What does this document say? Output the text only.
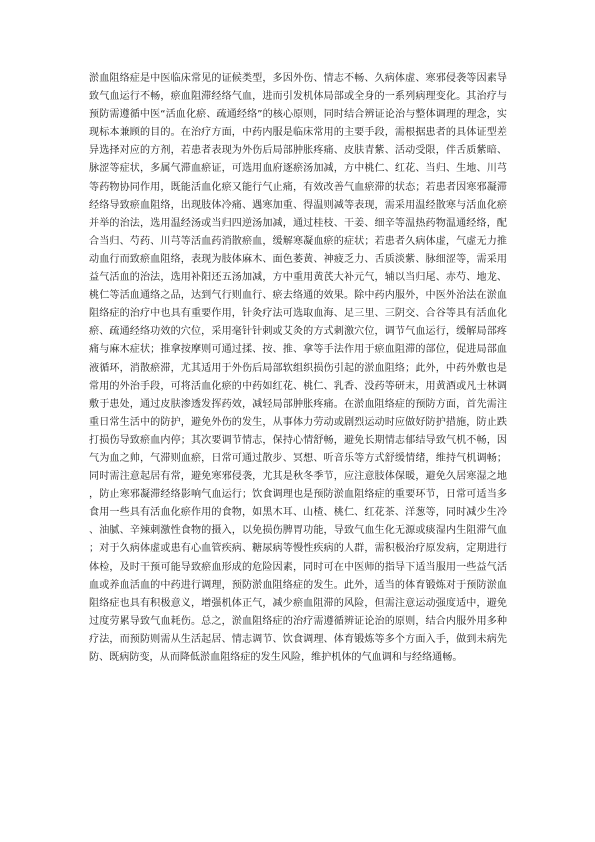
淤血阻络症是中医临床常见的证候类型，多因外伤、情志不畅、久病体虚、寒邪侵袭等因素导致气血运行不畅，瘀血阻滞经络气血，进而引发机体局部或全身的一系列病理变化。其治疗与预防需遵循中医“活血化瘀、疏通经络”的核心原则，同时结合辨证论治与整体调理的理念，实现标本兼顾的目的。在治疗方面，中药内服是临床常用的主要手段，需根据患者的具体证型差异选择对应的方剂，若患者表现为外伤后局部肿胀疼痛、皮肤青紫、活动受限，伴舌质紫暗、脉涩等症状，多属气滞血瘀证，可选用血府逐瘀汤加减，方中桃仁、红花、当归、生地、川芎等药物协同作用，既能活血化瘀又能行气止痛，有效改善气血瘀滞的状态；若患者因寒邪凝滞经络导致瘀血阻络，出现肢体冷痛、遇寒加重、得温则减等表现，需采用温经散寒与活血化瘀并举的治法，选用温经汤或当归四逆汤加减，通过桂枝、干姜、细辛等温热药物温通经络，配合当归、芍药、川芎等活血药消散瘀血，缓解寒凝血瘀的症状；若患者久病体虚，气虚无力推动血行而致瘀血阻络，表现为肢体麻木、面色萎黄、神疲乏力、舌质淡紫、脉细涩等，需采用益气活血的治法，选用补阳还五汤加减，方中重用黄芪大补元气，辅以当归尾、赤芍、地龙、桃仁等活血通络之品，达到气行则血行、瘀去络通的效果。除中药内服外，中医外治法在淤血阻络症的治疗中也具有重要作用，针灸疗法可选取血海、足三里、三阴交、合谷等具有活血化瘀、疏通经络功效的穴位，采用毫针针刺或艾灸的方式刺激穴位，调节气血运行，缓解局部疼痛与麻木症状；推拿按摩则可通过揉、按、推、拿等手法作用于瘀血阻滞的部位，促进局部血液循环，消散瘀滞，尤其适用于外伤后局部软组织损伤引起的淤血阻络；此外，中药外敷也是常用的外治手段，可将活血化瘀的中药如红花、桃仁、乳香、没药等研末，用黄酒或凡士林调敷于患处，通过皮肤渗透发挥药效，减轻局部肿胀疼痛。在淤血阻络症的预防方面，首先需注重日常生活中的防护，避免外伤的发生，从事体力劳动或剧烈运动时应做好防护措施，防止跌打损伤导致瘀血内停；其次要调节情志，保持心情舒畅，避免长期情志郁结导致气机不畅，因气为血之帅，气滞则血瘀，日常可通过散步、冥想、听音乐等方式舒缓情绪，维持气机调畅；同时需注意起居有常，避免寒邪侵袭，尤其是秋冬季节，应注意肢体保暖，避免久居寒湿之地，防止寒邪凝滞经络影响气血运行；饮食调理也是预防淤血阻络症的重要环节，日常可适当多食用一些具有活血化瘀作用的食物，如黑木耳、山楂、桃仁、红花茶、洋葱等，同时减少生冷、油腻、辛辣刺激性食物的摄入，以免损伤脾胃功能，导致气血生化无源或痰湿内生阻滞气血；对于久病体虚或患有心血管疾病、糖尿病等慢性疾病的人群，需积极治疗原发病，定期进行体检，及时干预可能导致瘀血形成的危险因素，同时可在中医师的指导下适当服用一些益气活血或养血活血的中药进行调理，预防淤血阻络症的发生。此外，适当的体育锻炼对于预防淤血阻络症也具有积极意义，增强机体正气，减少瘀血阻滞的风险，但需注意运动强度适中，避免过度劳累导致气血耗伤。总之，淤血阻络症的治疗需遵循辨证论治的原则，结合内服外用多种疗法，而预防则需从生活起居、情志调节、饮食调理、体育锻炼等多个方面入手，做到未病先防、既病防变，从而降低淤血阻络症的发生风险，维护机体的气血调和与经络通畅。
